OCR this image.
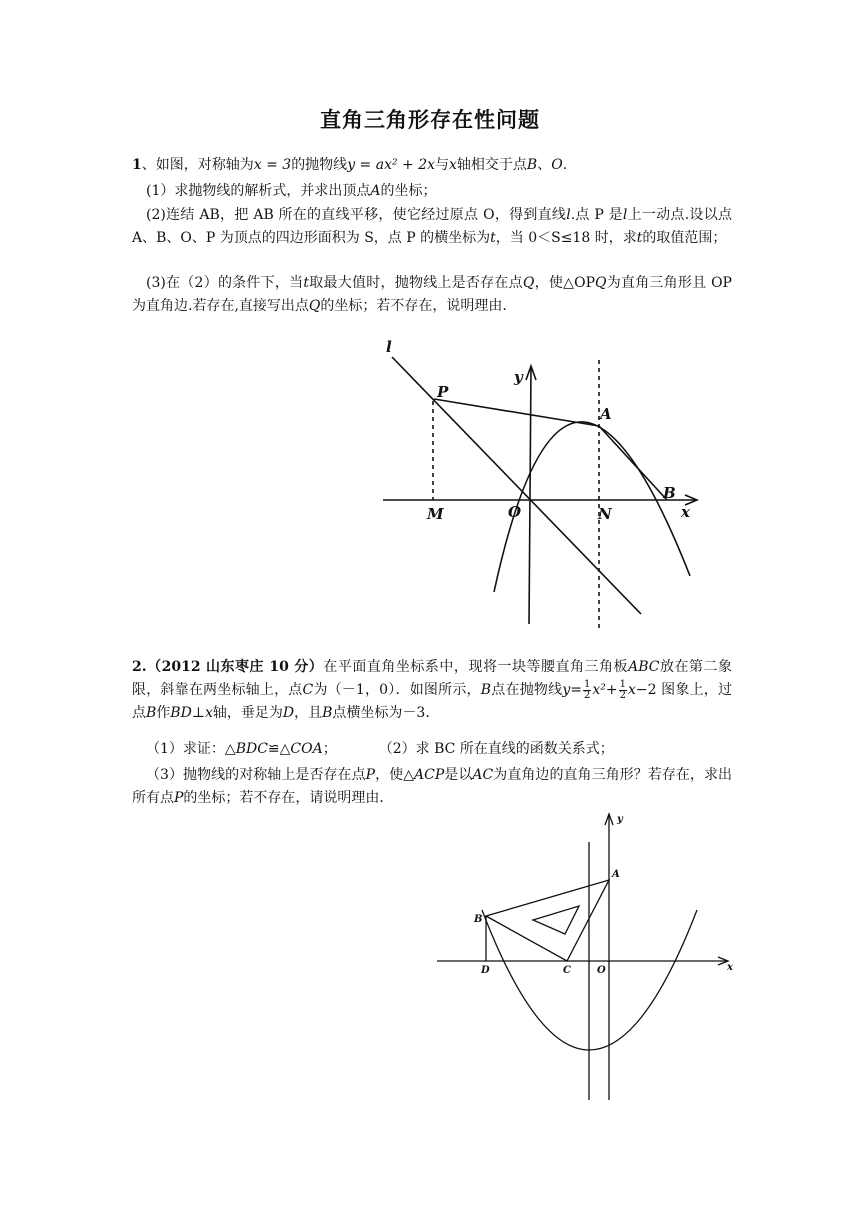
直角三角形存在性问题
1、如图，对称轴为x = 3的抛物线y = ax² + 2x与x轴相交于点B、O.
(1）求抛物线的解析式，并求出顶点A的坐标；
(2)连结 AB，把 AB 所在的直线平移，使它经过原点 O，得到直线l.点 P 是l上一动点.设以点 A、B、O、P 为顶点的四边形面积为 S，点 P 的横坐标为t，当 0＜S≤18 时，求t的取值范围；
(3)在（2）的条件下，当t取最大值时，抛物线上是否存在点Q，使△OPQ为直角三角形且 OP 为直角边.若存在,直接写出点Q的坐标；若不存在，说明理由.
l
y
P
A
B
M	O	N	x
2.（2012 山东枣庄 10 分）在平面直角坐标系中，现将一块等腰直角三角板ABC放在第二象限，斜靠在两坐标轴上，点C为（－1，0）．如图所示，B点在抛物线$y= \frac{1}{2} x^2+ \frac{1}{2} x-2$ 图象上，过点B作BD⊥x轴，垂足为D，且B点横坐标为－3．
（1）求证：△BDC≌△COA；	（2）求 BC 所在直线的函数关系式；
（3）抛物线的对称轴上是否存在点P，使△ACP是以AC为直角边的直角三角形？若存在，求出所有点P的坐标；若不存在，请说明理由．
y
A
B
D	C	O	x
